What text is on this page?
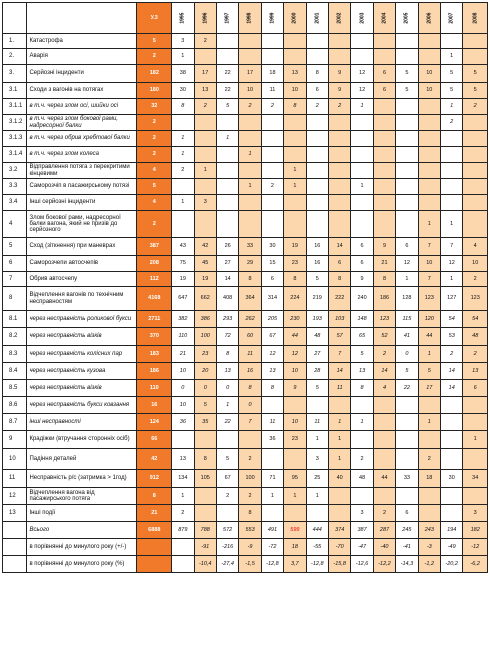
		У.З	1995	1996	1997	1998	1999	2000	2001	2002	2003	2004	2005	2006	2007	2008
1.	Катастрофа	5	3	2												
2.	Аварія	2	1												1	
3.	Серйозні інциденти	182	38	17	22	17	18	13	8	9	12	6	5	10	5	5
3.1	Сходи з вагонів на потягах	180	30	13	22	10	11	10	6	9	12	6	5	10	5	5
3.1.1	в т.ч. через злом осі, шийки осі	32	8	2	5	2	2	8	2	2	1				1	2
3.1.2	в т.ч. через злом бокової рами, надресорної балки	2													2	
3.1.3	в т.ч. через обрив хребтової балки	2	1		1											
3.1.4	в т.ч. через злом колеса	2	1			1										
3.2	Відправлення потяга з перекритими кінцевими	4	2	1				1								
3.3	Саморозчіп в пасажирському потязі	5				1	2	1			1					
3.4	Інші серйозні інциденти	4	1	3												
4	Злом бокової рами, надресорної балки вагона, який не призів до серйозного	2												1	1	
5	Сход (зіткнення) при маневрах	387	43	42	26	33	30	19	16	14	6	9	6	7	7	4
6	Саморозчепи автосчепів	208	75	45	27	29	15	23	16	6	6	21	12	10	12	10
7	Обрив автосчепу	112	19	19	14	8	6	8	5	8	9	8	1	7	1	2
8	Відчеплення вагонів по технічним несправностям	4168	647	662	408	364	314	224	219	222	240	186	128	123	127	123
8.1	через несправність роликової букси	2711	382	386	293	262	205	230	193	103	148	123	115	120	54	54
8.2	через несправність візків	370	110	100	72	60	67	44	48	57	65	52	41	44	53	48
8.3	через несправність колісних пар	183	21	23	8	11	12	12	27	7	5	2	0	1	2	2
8.4	через несправність кузова	186	10	20	13	16	13	10	28	14	13	14	5	5	14	13
8.5	через несправність візків	110	0	0	0	8	8	9	5	11	8	4	22	17	14	6
8.6	через несправність букси ковзання	16	10	5	1	0										
8.7	інші несправності	124	36	35	22	7	11	10	11	1	1			1		
9	Крадіжки (втручання сторонніх осіб)	66					36	23	1	1						1
10	Падіння деталей	42	13	8	5	2			3	1	2			2		
11	Несправність р/с (затримка > 1год)	912	134	105	67	100	71	95	25	40	48	44	33	18	30	34
12	Відчеплення вагона від пасажирського потяга	8	1		2	2	1	1	1							
13	Інші події	21	2			8					3	2	6			3
	Всього	6888	879	788	572	553	491	599	444	374	387	287	245	243	194	182
	в порівнянні до минулого року (+/-)			-91	-216	-9	-72	18	-55	-70	-47	-40	-41	-3	-49	-12
	в порівнянні до минулого року (%)			-10,4	-27,4	-1,5	-12,8	3,7	-12,8	-15,8	-12,6	-12,2	-14,3	-1,2	-20,2	-6,2
